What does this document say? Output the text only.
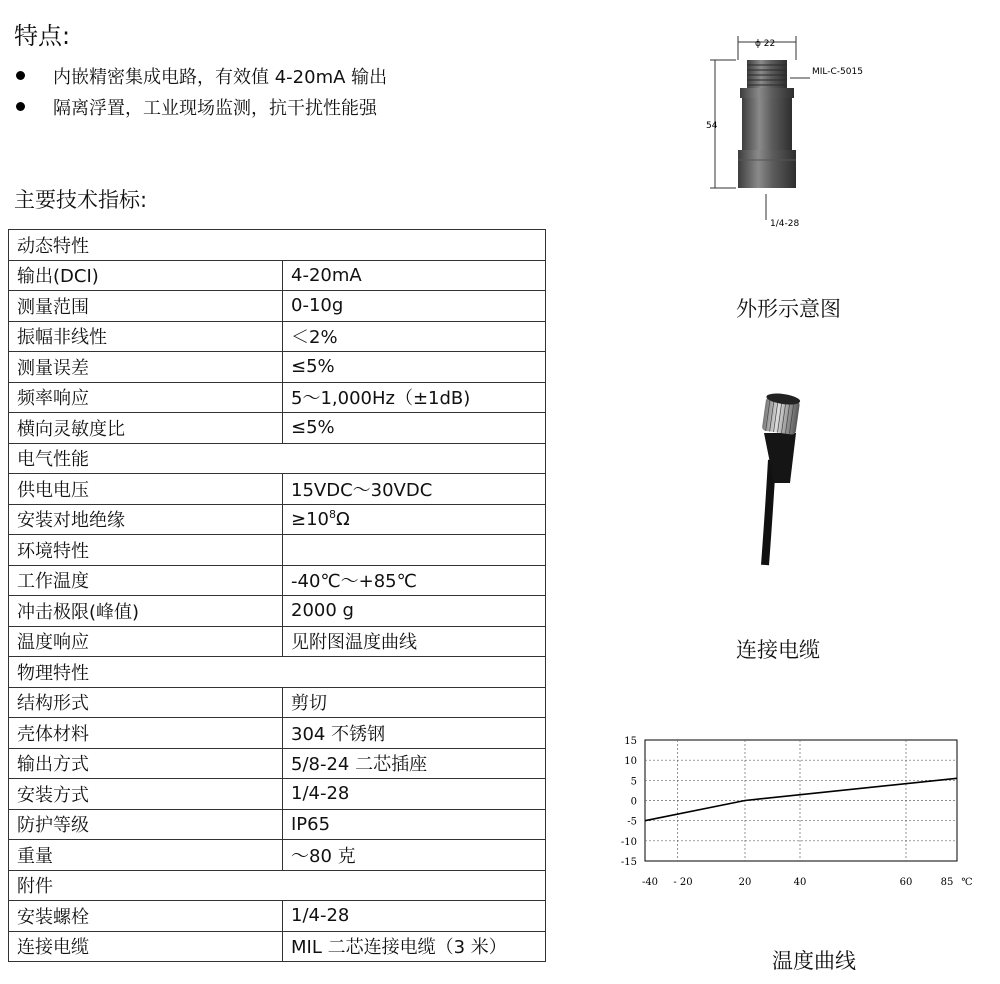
特点:
内嵌精密集成电路，有效值 4-20mA 输出
隔离浮置，工业现场监测，抗干扰性能强
主要技术指标:
动态特性	
输出(DCI)	4-20mA
测量范围	0-10g
振幅非线性	＜2%
测量误差	≤5%
频率响应	5～1,000Hz（±1dB)
横向灵敏度比	≤5%
电气性能	
供电电压	15VDC～30VDC
安装对地绝缘	$\ge 10^8\Omega$
环境特性	
工作温度	-40℃～+85℃
冲击极限(峰值)	2000 g
温度响应	见附图温度曲线
物理特性	
结构形式	剪切
壳体材料	304 不锈钢
输出方式	5/8-24 二芯插座
安装方式	1/4-28
防护等级	IP65
重量	～80 克
附件	
安装螺栓	1/4-28
连接电缆	MIL 二芯连接电缆（3 米）
ϕ 22
MIL-C-5015
54
1/4-28
外形示意图
连接电缆
15
10
5
0
-5
-10
-15
-40 - 20	20	40	60	85 ℃
温度曲线
